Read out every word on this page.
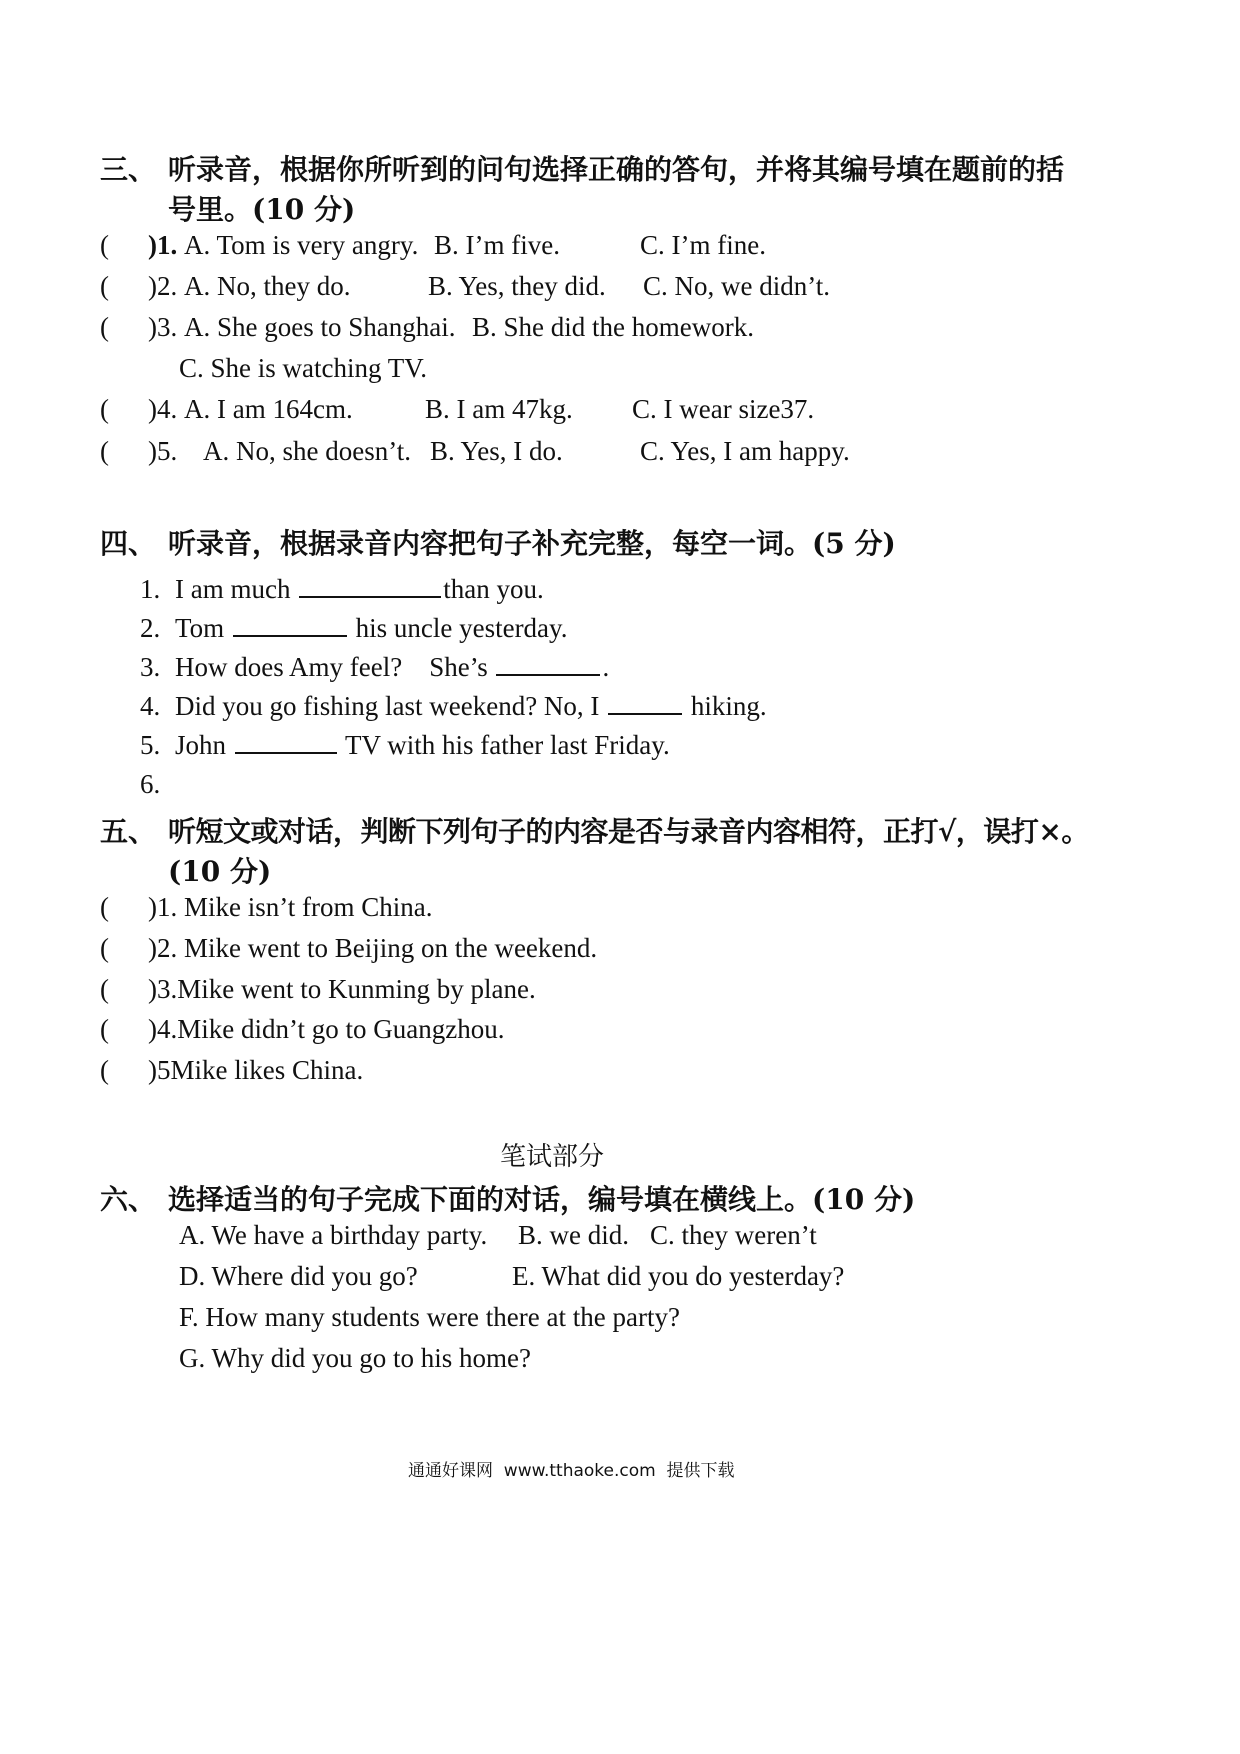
三、 听录音，根据你所听到的问句选择正确的答句，并将其编号填在题前的括
号里。(10 分)
( )1. A. Tom is very angry. B. I’m five.	C. I’m fine.
( )2. A. No, they do.	B. Yes, they did. C. No, we didn’t.
( )3. A. She goes to Shanghai. B. She did the homework.
C. She is watching TV.
( )4. A. I am 164cm.	B. I am 47kg. C. I wear size37.
( )5. A. No, she doesn’t. B. Yes, I do.	C. Yes, I am happy.
四、 听录音，根据录音内容把句子补充完整，每空一词。(5 分)
1. I am much	than you.
2. Tom	his uncle yesterday.
3. How does Amy feel?    She’s	.
4. Did you go fishing last weekend? No, I	hiking.
5. John	TV with his father last Friday.
6.
五、 听短文或对话，判断下列句子的内容是否与录音内容相符，正打√，误打×。
(10 分)
( )1. Mike isn’t from China.
( )2. Mike went to Beijing on the weekend.
( )3.Mike went to Kunming by plane.
( )4.Mike didn’t go to Guangzhou.
( )5Mike likes China.
笔试部分
六、 选择适当的句子完成下面的对话，编号填在横线上。(10 分)
A. We have a birthday party. B. we did. C. they weren’t
D. Where did you go?	E. What did you do yesterday?
F. How many students were there at the party?
G. Why did you go to his home?
通通好课网  www.tthaoke.com  提供下载
